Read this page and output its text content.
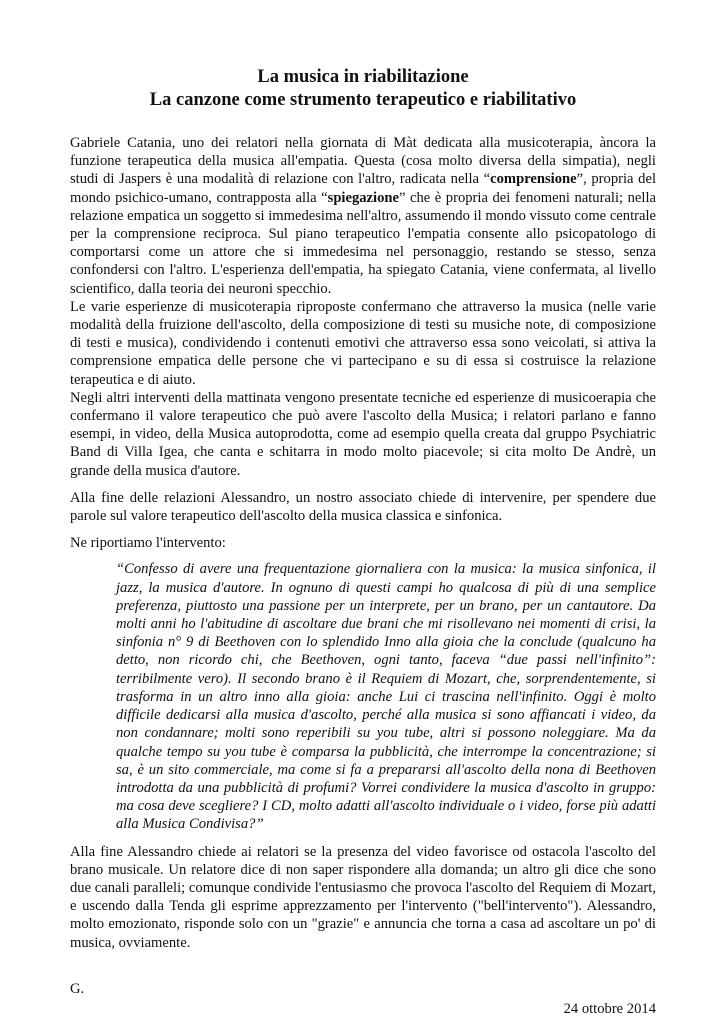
La musica in riabilitazione
La canzone come strumento terapeutico e riabilitativo

Gabriele Catania, uno dei relatori nella giornata di Màt dedicata alla musicoterapia, àncora la funzione terapeutica della musica all'empatia. Questa (cosa molto diversa della simpatia), negli studi di Jaspers è una modalità di relazione con l'altro, radicata nella “comprensione”, propria del mondo psichico-umano, contrapposta alla “spiegazione” che è propria dei fenomeni naturali; nella relazione empatica un soggetto si immedesima nell'altro, assumendo il mondo vissuto come centrale per la comprensione reciproca. Sul piano terapeutico l'empatia consente allo psicopatologo di comportarsi come un attore che si immedesima nel personaggio, restando se stesso, senza confondersi con l'altro. L'esperienza dell'empatia, ha spiegato Catania, viene confermata, al livello scientifico, dalla teoria dei neuroni specchio.

Le varie esperienze di musicoterapia riproposte confermano che attraverso la musica (nelle varie modalità della fruizione dell'ascolto, della composizione di testi su musiche note, di composizione di testi e musica), condividendo i contenuti emotivi che attraverso essa sono veicolati, si attiva la comprensione empatica delle persone che vi partecipano e su di essa si costruisce la relazione terapeutica e di aiuto.

Negli altri interventi della mattinata vengono presentate tecniche ed esperienze di musicoerapia che confermano il valore terapeutico che può avere l'ascolto della Musica; i relatori parlano e fanno esempi, in video, della Musica autoprodotta, come ad esempio quella creata dal gruppo Psychiatric Band di Villa Igea, che canta e schitarra in modo molto piacevole; si cita molto De Andrè, un grande della musica d'autore.

Alla fine delle relazioni Alessandro, un nostro associato chiede di intervenire, per spendere due parole sul valore terapeutico dell'ascolto della musica classica e sinfonica.

Ne riportiamo l'intervento:

“Confesso di avere una frequentazione giornaliera con la musica: la musica sinfonica, il jazz, la musica d'autore. In ognuno di questi campi ho qualcosa di più di una semplice preferenza, piuttosto una passione per un interprete, per un brano, per un cantautore. Da molti anni ho l'abitudine di ascoltare due brani che mi risollevano nei momenti di crisi, la sinfonia n° 9 di Beethoven con lo splendido Inno alla gioia che la conclude (qualcuno ha detto, non ricordo chi, che Beethoven, ogni tanto, faceva “due passi nell'infinito”: terribilmente vero). Il secondo brano è il Requiem di Mozart, che, sorprendentemente, si trasforma in un altro inno alla gioia: anche Lui ci trascina nell'infinito. Oggi è molto difficile dedicarsi alla musica d'ascolto, perché alla musica si sono affiancati i video, da non condannare; molti sono reperibili su you tube, altri si possono noleggiare. Ma da qualche tempo su you tube è comparsa la pubblicità, che interrompe la concentrazione; si sa, è un sito commerciale, ma come si fa a prepararsi all'ascolto della nona di Beethoven introdotta da una pubblicità di profumi? Vorrei condividere la musica d'ascolto in gruppo: ma cosa deve scegliere? I CD, molto adatti all'ascolto individuale o i video, forse più adatti alla Musica Condivisa?”

Alla fine Alessandro chiede ai relatori se la presenza del video favorisce od ostacola l'ascolto del brano musicale. Un relatore dice di non saper rispondere alla domanda; un altro gli dice che sono due canali paralleli; comunque condivide l'entusiasmo che provoca l'ascolto del Requiem di Mozart, e uscendo dalla Tenda gli esprime apprezzamento per l'intervento ("bell'intervento"). Alessandro, molto emozionato, risponde solo con un "grazie" e annuncia che torna a casa ad ascoltare un po' di musica, ovviamente.

G.
24 ottobre 2014
